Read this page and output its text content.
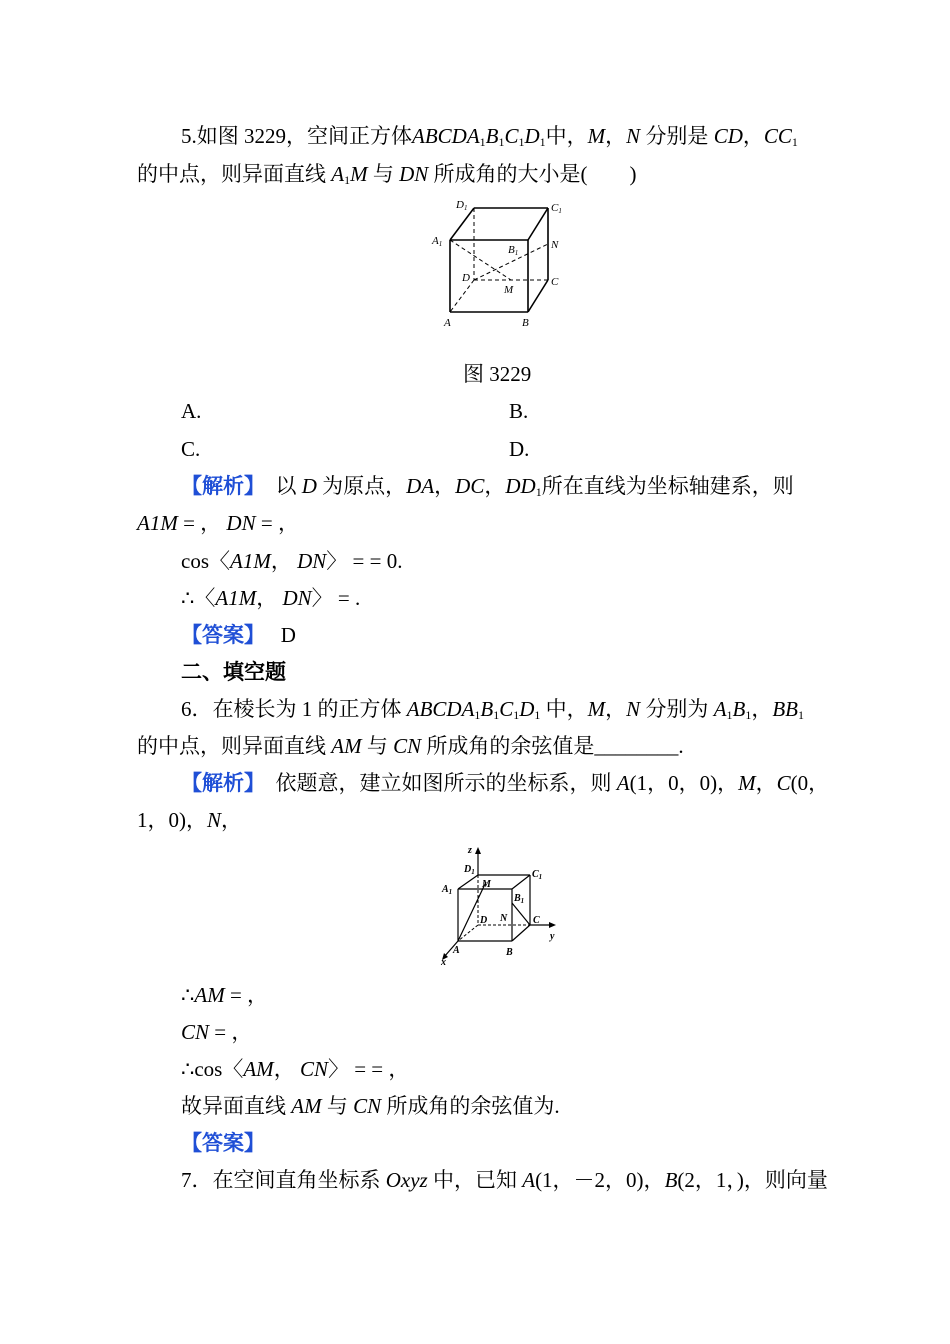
5.如图 3229，空间正方体$ABCDA_1B_1C_1D_1$中，M，N 分别是 CD，$CC_1$
的中点，则异面直线 $A_1M$ 与 DN 所成角的大小是(　　)
D1	C1
A1	B1
N
D
M
C
A	B
图 3229
A.	B.
C.	D.
【解析】 以 D 为原点，DA，DC，$DD_1$所在直线为坐标轴建系，则
A1M = ， DN = ，
cos〈A1M， DN〉 = = 0.
∴〈A1M， DN〉 = .
【答案】 D
二、填空题
6．在棱长为 1 的正方体 $ABCDA_1B_1C_1D_1$ 中，M，N 分别为 $A_1B_1$，$BB_1$
的中点，则异面直线 AM 与 CN 所成角的余弦值是________.
【解析】 依题意，建立如图所示的坐标系，则 A(1，0，0)，M，C(0，
1，0)，N，
z
$D_1$
M
$C_1$
$A_1$
$B_1$
D N	C
y
A	B
x
∴AM = ，
CN = ，
∴cos〈AM， CN〉 = = ，
故异面直线 AM 与 CN 所成角的余弦值为.
【答案】
7．在空间直角坐标系 Oxyz 中，已知 A(1，－2，0)，B(2，1，)，则向量
